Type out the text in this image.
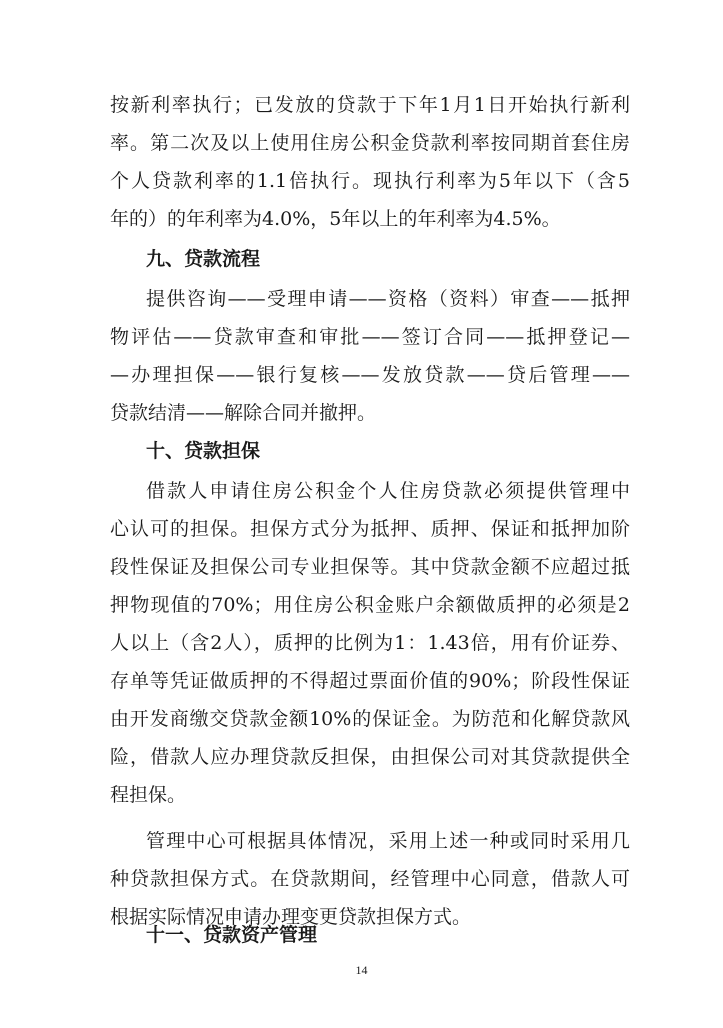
按新利率执行；已发放的贷款于下年1月1日开始执行新利
率。第二次及以上使用住房公积金贷款利率按同期首套住房
个人贷款利率的1.1倍执行。现执行利率为5年以下（含5
年的）的年利率为4.0%，5年以上的年利率为4.5%。
九、贷款流程
提供咨询——受理申请——资格（资料）审查——抵押
物评估——贷款审查和审批——签订合同——抵押登记—
—办理担保——银行复核——发放贷款——贷后管理——
贷款结清——解除合同并撤押。
十、贷款担保
借款人申请住房公积金个人住房贷款必须提供管理中
心认可的担保。担保方式分为抵押、质押、保证和抵押加阶
段性保证及担保公司专业担保等。其中贷款金额不应超过抵
押物现值的70%；用住房公积金账户余额做质押的必须是2
人以上（含2人），质押的比例为1：1.43倍，用有价证券、
存单等凭证做质押的不得超过票面价值的90%；阶段性保证
由开发商缴交贷款金额10%的保证金。为防范和化解贷款风
险，借款人应办理贷款反担保，由担保公司对其贷款提供全
程担保。
管理中心可根据具体情况，采用上述一种或同时采用几
种贷款担保方式。在贷款期间，经管理中心同意，借款人可
根据实际情况申请办理变更贷款担保方式。
十一、贷款资产管理
14
